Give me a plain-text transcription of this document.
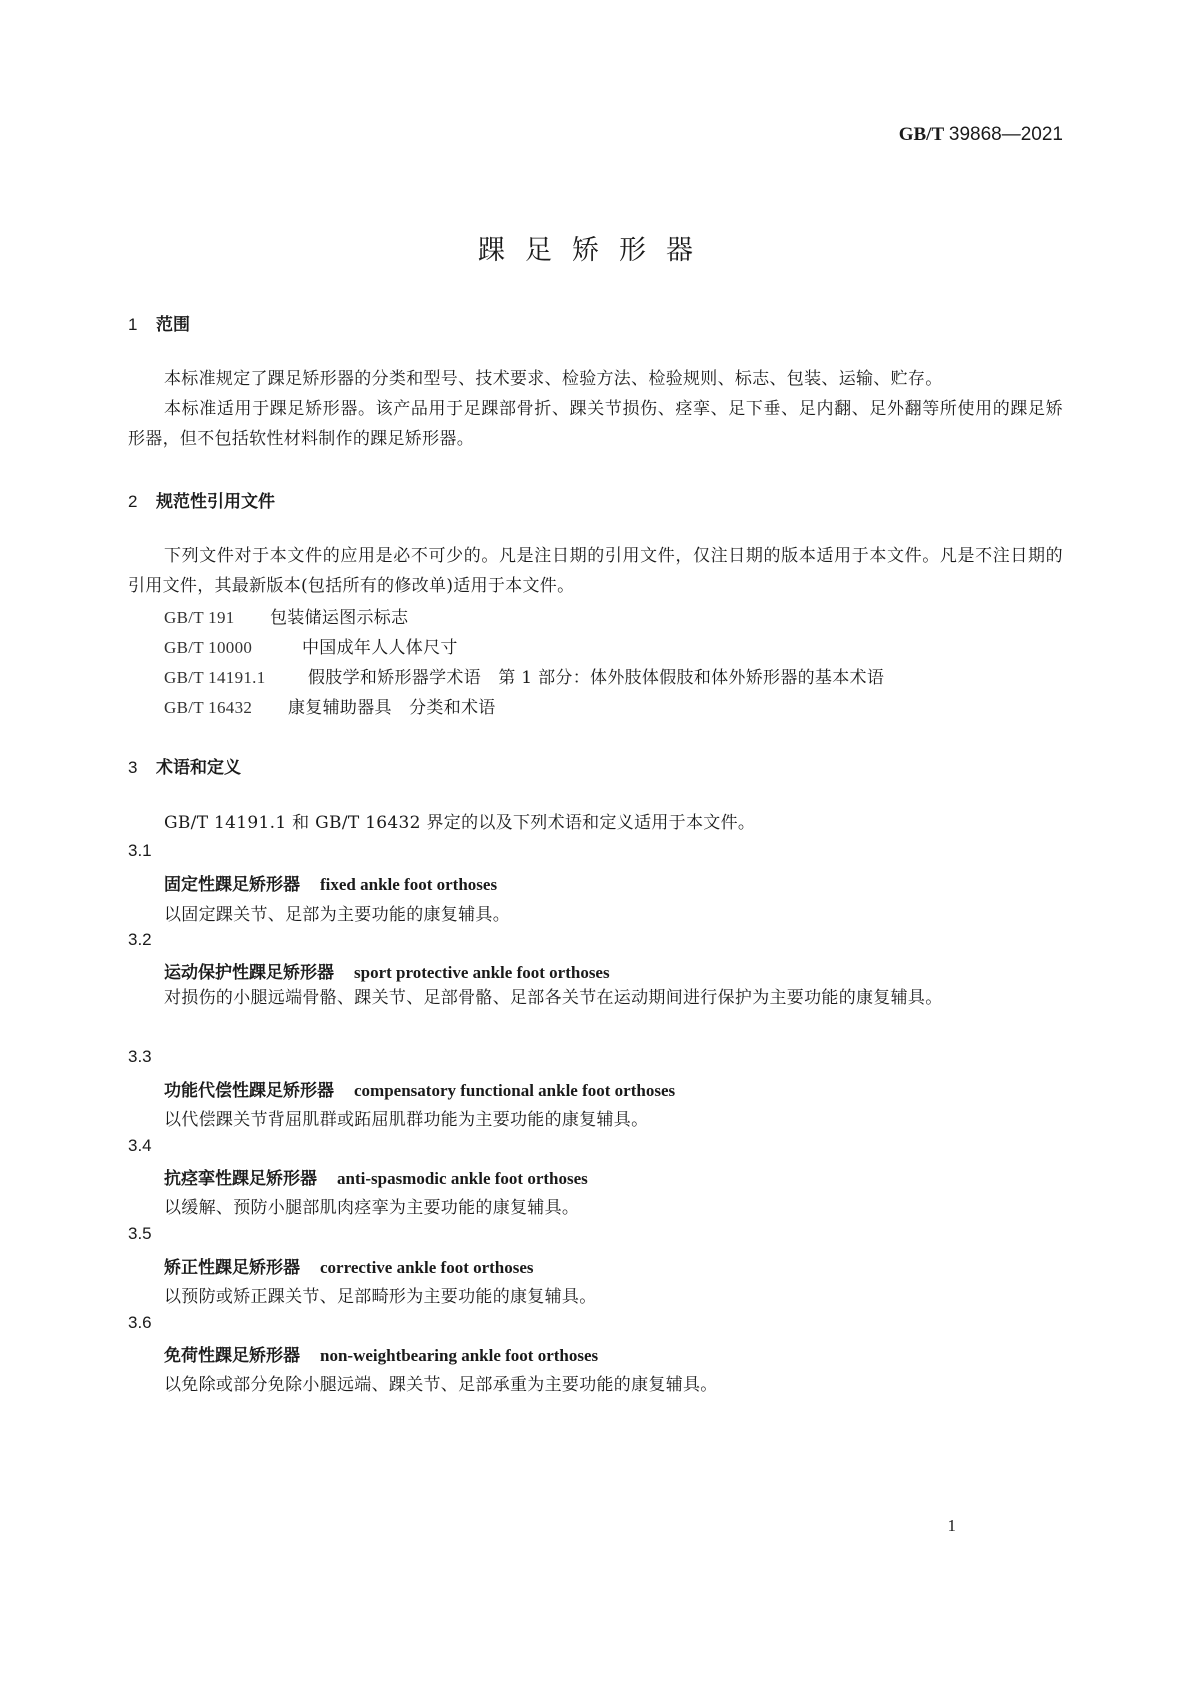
GB/T 39868—2021
踝足矫形器
1 范围
本标准规定了踝足矫形器的分类和型号、技术要求、检验方法、检验规则、标志、包装、运输、贮存。
本标准适用于踝足矫形器。该产品用于足踝部骨折、踝关节损伤、痉挛、足下垂、足内翻、足外翻等所使用的踝足矫形器，但不包括软性材料制作的踝足矫形器。
2 规范性引用文件
下列文件对于本文件的应用是必不可少的。凡是注日期的引用文件，仅注日期的版本适用于本文件。凡是不注日期的引用文件，其最新版本(包括所有的修改单)适用于本文件。
GB/T 191 包装储运图示标志
GB/T 10000	中国成年人人体尺寸
GB/T 14191.1 假肢学和矫形器学术语　第 1 部分：体外肢体假肢和体外矫形器的基本术语
GB/T 16432 康复辅助器具　分类和术语
3 术语和定义
GB/T 14191.1 和 GB/T 16432 界定的以及下列术语和定义适用于本文件。
3.1
固定性踝足矫形器 fixed ankle foot orthoses
以固定踝关节、足部为主要功能的康复辅具。
3.2
运动保护性踝足矫形器 sport protective ankle foot orthoses
对损伤的小腿远端骨骼、踝关节、足部骨骼、足部各关节在运动期间进行保护为主要功能的康复辅具。
3.3
功能代偿性踝足矫形器 compensatory functional ankle foot orthoses
以代偿踝关节背屈肌群或跖屈肌群功能为主要功能的康复辅具。
3.4
抗痉挛性踝足矫形器 anti-spasmodic ankle foot orthoses
以缓解、预防小腿部肌肉痉挛为主要功能的康复辅具。
3.5
矫正性踝足矫形器 corrective ankle foot orthoses
以预防或矫正踝关节、足部畸形为主要功能的康复辅具。
3.6
免荷性踝足矫形器 non-weightbearing ankle foot orthoses
以免除或部分免除小腿远端、踝关节、足部承重为主要功能的康复辅具。
1
